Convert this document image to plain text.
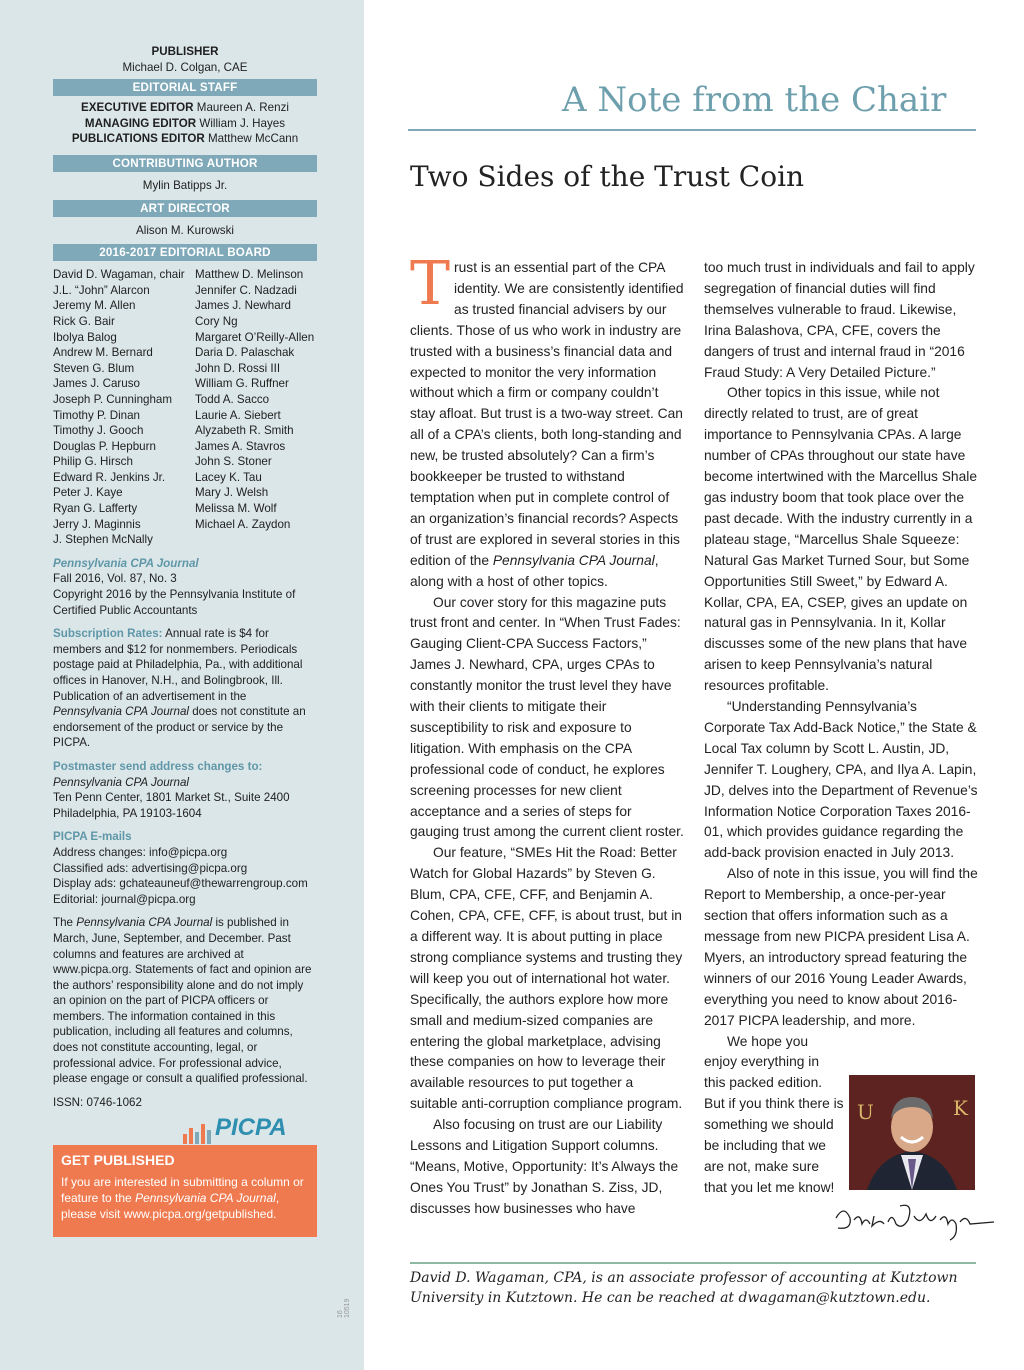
PUBLISHER
Michael D. Colgan, CAE
EDITORIAL STAFF
EXECUTIVE EDITOR Maureen A. Renzi
MANAGING EDITOR William J. Hayes
PUBLICATIONS EDITOR Matthew McCann
CONTRIBUTING AUTHOR
Mylin Batipps Jr.
ART DIRECTOR
Alison M. Kurowski
2016-2017 EDITORIAL BOARD
David D. Wagaman, chair
J.L. “John” Alarcon
Jeremy M. Allen
Rick G. Bair
Ibolya Balog
Andrew M. Bernard
Steven G. Blum
James J. Caruso
Joseph P. Cunningham
Timothy P. Dinan
Timothy J. Gooch
Douglas P. Hepburn
Philip G. Hirsch
Edward R. Jenkins Jr.
Peter J. Kaye
Ryan G. Lafferty
Jerry J. Maginnis
J. Stephen McNally
Matthew D. Melinson
Jennifer C. Nadzadi
James J. Newhard
Cory Ng
Margaret O’Reilly-Allen
Daria D. Palaschak
John D. Rossi III
William G. Ruffner
Todd A. Sacco
Laurie A. Siebert
Alyzabeth R. Smith
James A. Stavros
John S. Stoner
Lacey K. Tau
Mary J. Welsh
Melissa M. Wolf
Michael A. Zaydon
Pennsylvania CPA Journal
Fall 2016, Vol. 87, No. 3
Copyright 2016 by the Pennsylvania Institute of Certified Public Accountants
Subscription Rates: Annual rate is $4 for members and $12 for nonmembers. Periodicals postage paid at Philadelphia, Pa., with additional offices in Hanover, N.H., and Bolingbrook, Ill. Publication of an advertisement in the Pennsylvania CPA Journal does not constitute an endorsement of the product or service by the PICPA.
Postmaster send address changes to:
Pennsylvania CPA Journal
Ten Penn Center, 1801 Market St., Suite 2400
Philadelphia, PA 19103-1604
PICPA E-mails
Address changes: info@picpa.org
Classified ads: advertising@picpa.org
Display ads: gchateauneuf@thewarrengroup.com
Editorial: journal@picpa.org
The Pennsylvania CPA Journal is published in March, June, September, and December. Past columns and features are archived at www.picpa.org. Statements of fact and opinion are the authors’ responsibility alone and do not imply an opinion on the part of PICPA officers or members. The information contained in this publication, including all features and columns, does not constitute accounting, legal, or professional advice. For professional advice, please engage or consult a qualified professional.
ISSN: 0746-1062
PICPA
GET PUBLISHED
If you are interested in submitting a column or feature to the Pennsylvania CPA Journal, please visit www.picpa.org/getpublished.
16 10519
A Note from the Chair
Two Sides of the Trust Coin

Trust is an essential part of the CPA identity. We are consistently identified as trusted financial advisers by our clients. Those of us who work in industry are trusted with a business’s financial data and expected to monitor the very information without which a firm or company couldn’t stay afloat. But trust is a two-way street. Can all of a CPA’s clients, both long-standing and new, be trusted absolutely? Can a firm’s bookkeeper be trusted to withstand temptation when put in complete control of an organization’s financial records? Aspects of trust are explored in several stories in this edition of the Pennsylvania CPA Journal, along with a host of other topics.

Our cover story for this magazine puts trust front and center. In “When Trust Fades: Gauging Client-CPA Success Factors,” James J. Newhard, CPA, urges CPAs to constantly monitor the trust level they have with their clients to mitigate their susceptibility to risk and exposure to litigation. With emphasis on the CPA professional code of conduct, he explores screening processes for new client acceptance and a series of steps for gauging trust among the current client roster.

Our feature, “SMEs Hit the Road: Better Watch for Global Hazards” by Steven G. Blum, CPA, CFE, CFF, and Benjamin A. Cohen, CPA, CFE, CFF, is about trust, but in a different way. It is about putting in place strong compliance systems and trusting they will keep you out of international hot water. Specifically, the authors explore how more small and medium-sized companies are entering the global marketplace, advising these companies on how to leverage their available resources to put together a suitable anti-corruption compliance program.

Also focusing on trust are our Liability Lessons and Litigation Support columns. “Means, Motive, Opportunity: It’s Always the Ones You Trust” by Jonathan S. Ziss, JD, discusses how businesses who have

too much trust in individuals and fail to apply segregation of financial duties will find themselves vulnerable to fraud. Likewise, Irina Balashova, CPA, CFE, covers the dangers of trust and internal fraud in “2016 Fraud Study: A Very Detailed Picture.”

Other topics in this issue, while not directly related to trust, are of great importance to Pennsylvania CPAs. A large number of CPAs throughout our state have become intertwined with the Marcellus Shale gas industry boom that took place over the past decade. With the industry currently in a plateau stage, “Marcellus Shale Squeeze: Natural Gas Market Turned Sour, but Some Opportunities Still Sweet,” by Edward A. Kollar, CPA, EA, CSEP, gives an update on natural gas in Pennsylvania. In it, Kollar discusses some of the new plans that have arisen to keep Pennsylvania’s natural resources profitable.

“Understanding Pennsylvania’s Corporate Tax Add-Back Notice,” the State & Local Tax column by Scott L. Austin, JD, Jennifer T. Loughery, CPA, and Ilya A. Lapin, JD, delves into the Department of Revenue’s Information Notice Corporation Taxes 2016-01, which provides guidance regarding the add-back provision enacted in July 2013.

Also of note in this issue, you will find the Report to Membership, a once-per-year section that offers information such as a message from new PICPA president Lisa A. Myers, an introductory spread featuring the winners of our 2016 Young Leader Awards, everything you need to know about 2016-2017 PICPA leadership, and more.

We hope you enjoy everything in this packed edition. But if you think there is something we should be including that we are not, make sure that you let me know!

U	K
David D. Wagaman
David D. Wagaman, CPA, is an associate professor of accounting at Kutztown University in Kutztown. He can be reached at dwagaman@kutztown.edu.
